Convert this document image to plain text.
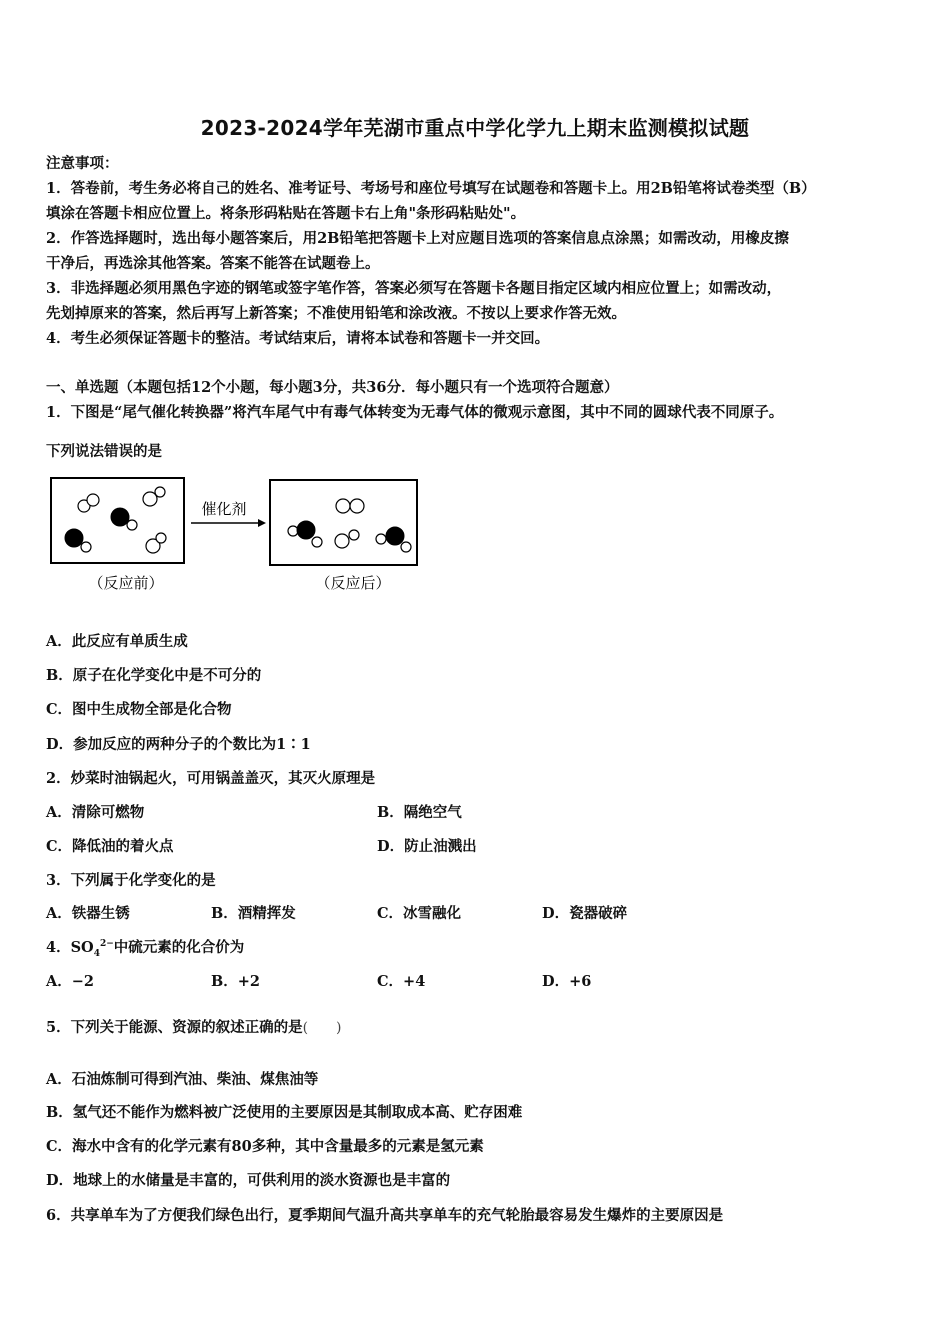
2023-2024学年芜湖市重点中学化学九上期末监测模拟试题
注意事项：
1．答卷前，考生务必将自己的姓名、准考证号、考场号和座位号填写在试题卷和答题卡上。用2B铅笔将试卷类型（B）
填涂在答题卡相应位置上。将条形码粘贴在答题卡右上角"条形码粘贴处"。
2．作答选择题时，选出每小题答案后，用2B铅笔把答题卡上对应题目选项的答案信息点涂黑；如需改动，用橡皮擦
干净后，再选涂其他答案。答案不能答在试题卷上。
3．非选择题必须用黑色字迹的钢笔或签字笔作答，答案必须写在答题卡各题目指定区域内相应位置上；如需改动，
先划掉原来的答案，然后再写上新答案；不准使用铅笔和涂改液。不按以上要求作答无效。
4．考生必须保证答题卡的整洁。考试结束后，请将本试卷和答题卡一并交回。
一、单选题（本题包括12个小题，每小题3分，共36分．每小题只有一个选项符合题意）
1．下图是“尾气催化转换器”将汽车尾气中有毒气体转变为无毒气体的微观示意图，其中不同的圆球代表不同原子。
下列说法错误的是
催化剂
（反应前）	（反应后）
A．此反应有单质生成
B．原子在化学变化中是不可分的
C．图中生成物全部是化合物
D．参加反应的两种分子的个数比为1∶1
2．炒菜时油锅起火，可用锅盖盖灭，其灭火原理是
A．清除可燃物	B．隔绝空气
C．降低油的着火点	D．防止油溅出
3．下列属于化学变化的是
A．铁器生锈	B．酒精挥发	C．冰雪融化	D．瓷器破碎
4．$SO_4^{2-}$中硫元素的化合价为
A．−2	B．+2	C．+4	D．+6
5．下列关于能源、资源的叙述正确的是(　　)
A．石油炼制可得到汽油、柴油、煤焦油等
B．氢气还不能作为燃料被广泛使用的主要原因是其制取成本高、贮存困难
C．海水中含有的化学元素有80多种，其中含量最多的元素是氢元素
D．地球上的水储量是丰富的，可供利用的淡水资源也是丰富的
6．共享单车为了方便我们绿色出行，夏季期间气温升高共享单车的充气轮胎最容易发生爆炸的主要原因是
